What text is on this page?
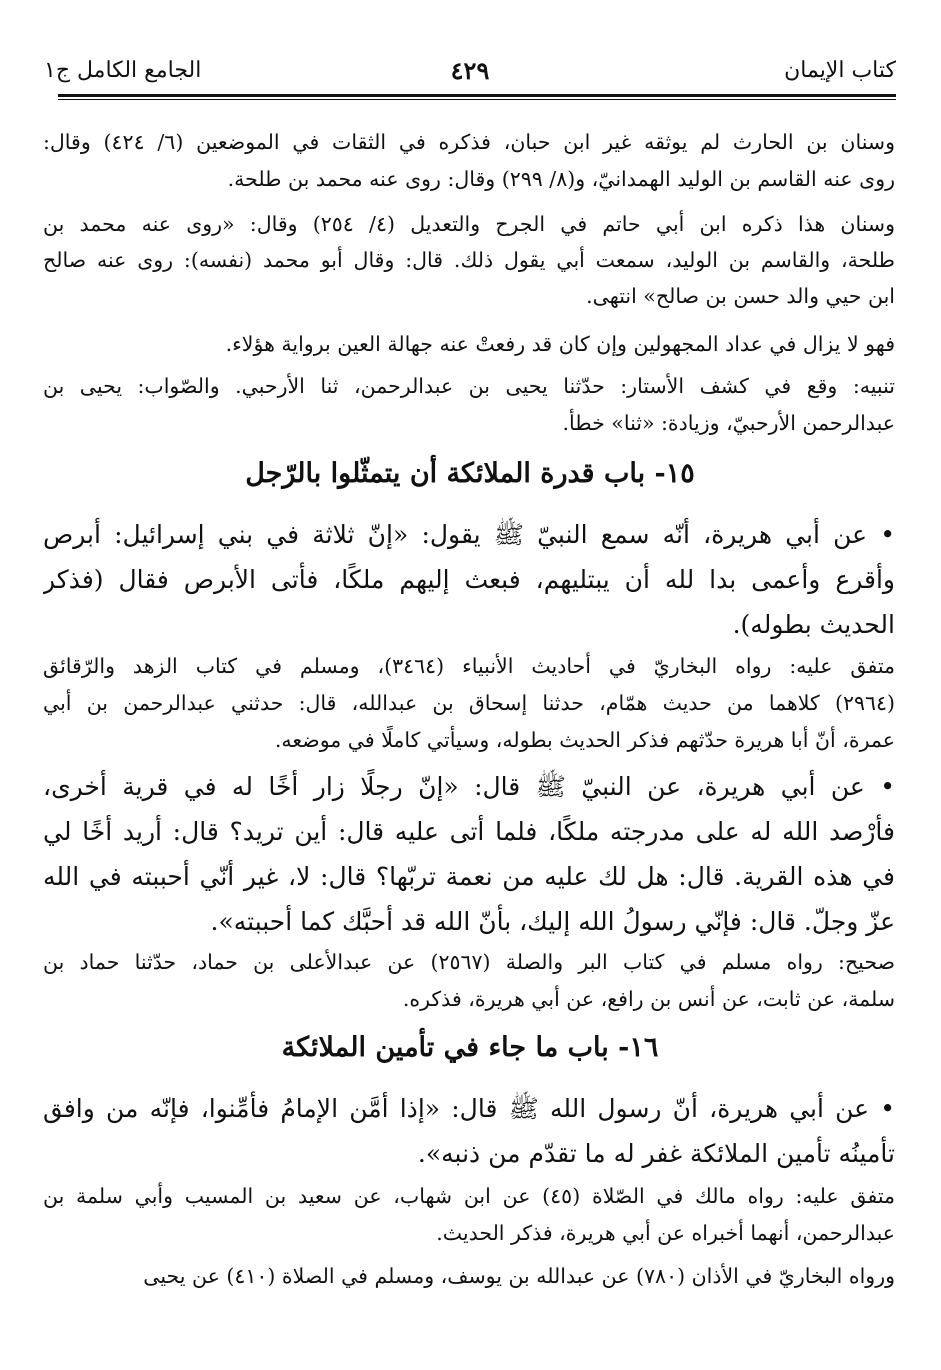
كتاب الإيمان
٤٢٩
الجامع الكامل ج١
وسنان بن الحارث لم يوثقه غير ابن حبان، فذكره في الثقات في الموضعين (٦/ ٤٢٤) وقال:
روى عنه القاسم بن الوليد الهمدانيّ، و(٨/ ٢٩٩) وقال: روى عنه محمد بن طلحة.
وسنان هذا ذكره ابن أبي حاتم في الجرح والتعديل (٤/ ٢٥٤) وقال: «روى عنه محمد بن
طلحة، والقاسم بن الوليد، سمعت أبي يقول ذلك. قال: وقال أبو محمد (نفسه): روى عنه صالح
ابن حيي والد حسن بن صالح» انتهى.
فهو لا يزال في عداد المجهولين وإن كان قد رفعتْ عنه جهالة العين برواية هؤلاء.
تنبيه: وقع في كشف الأستار: حدّثنا يحيى بن عبدالرحمن، ثنا الأرحبي. والصّواب: يحيى بن
عبدالرحمن الأرحبيّ، وزيادة: «ثنا» خطأ.
١٥- باب قدرة الملائكة أن يتمثّلوا بالرّجل
• عن أبي هريرة، أنّه سمع النبيّ ﷺ يقول: «إنّ ثلاثة في بني إسرائيل: أبرص
وأقرع وأعمى بدا لله أن يبتليهم، فبعث إليهم ملكًا، فأتى الأبرص فقال (فذكر
الحديث بطوله).
متفق عليه: رواه البخاريّ في أحاديث الأنبياء (٣٤٦٤)، ومسلم في كتاب الزهد والرّقائق
(٢٩٦٤) كلاهما من حديث همّام، حدثنا إسحاق بن عبدالله، قال: حدثني عبدالرحمن بن أبي
عمرة، أنّ أبا هريرة حدّثهم فذكر الحديث بطوله، وسيأتي كاملًا في موضعه.
• عن أبي هريرة، عن النبيّ ﷺ قال: «إنّ رجلًا زار أخًا له في قرية أخرى،
فأرْصد الله له على مدرجته ملكًا، فلما أتى عليه قال: أين تريد؟ قال: أريد أخًا لي
في هذه القرية. قال: هل لك عليه من نعمة تربّها؟ قال: لا، غير أنّي أحببته في الله
عزّ وجلّ. قال: فإنّي رسولُ الله إليك، بأنّ الله قد أحبَّك كما أحببته».
صحيح: رواه مسلم في كتاب البر والصلة (٢٥٦٧) عن عبدالأعلى بن حماد، حدّثنا حماد بن
سلمة، عن ثابت، عن أنس بن رافع، عن أبي هريرة، فذكره.
١٦- باب ما جاء في تأمين الملائكة
• عن أبي هريرة، أنّ رسول الله ﷺ قال: «إذا أمَّن الإمامُ فأمِّنوا، فإنّه من وافق
تأمينُه تأمين الملائكة غفر له ما تقدّم من ذنبه».
متفق عليه: رواه مالك في الصّلاة (٤٥) عن ابن شهاب، عن سعيد بن المسيب وأبي سلمة بن
عبدالرحمن، أنهما أخبراه عن أبي هريرة، فذكر الحديث.
ورواه البخاريّ في الأذان (٧٨٠) عن عبدالله بن يوسف، ومسلم في الصلاة (٤١٠) عن يحيى
